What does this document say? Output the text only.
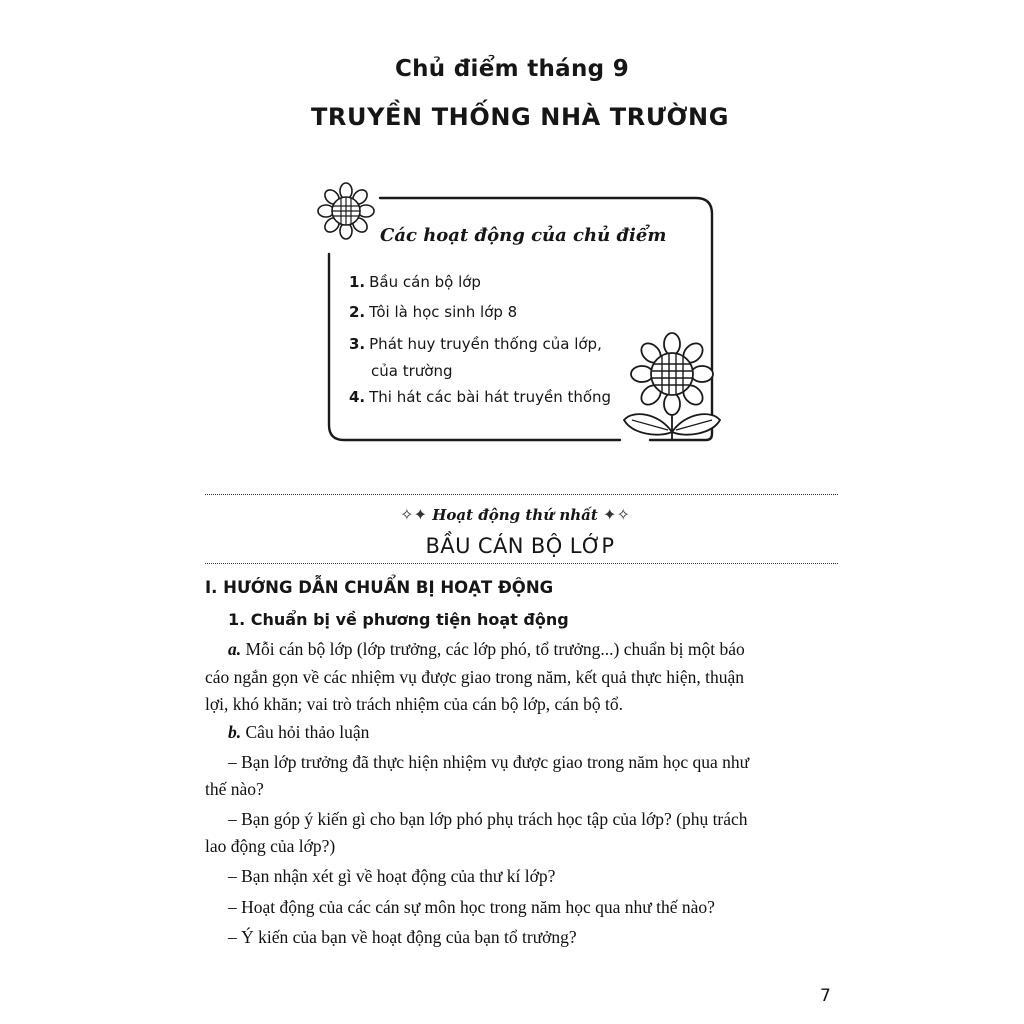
Chủ điểm tháng 9
TRUYỀN THỐNG NHÀ TRƯỜNG
Các hoạt động của chủ điểm
1. Bầu cán bộ lớp
2. Tôi là học sinh lớp 8
3. Phát huy truyền thống của lớp,
của trường
4. Thi hát các bài hát truyền thống
✧✦ Hoạt động thứ nhất ✦✧
BẦU CÁN BỘ LỚP
I. HƯỚNG DẪN CHUẨN BỊ HOẠT ĐỘNG
1. Chuẩn bị về phương tiện hoạt động
a. Mỗi cán bộ lớp (lớp trưởng, các lớp phó, tổ trưởng...) chuẩn bị một báo
cáo ngắn gọn về các nhiệm vụ được giao trong năm, kết quả thực hiện, thuận
lợi, khó khăn; vai trò trách nhiệm của cán bộ lớp, cán bộ tổ.
b. Câu hỏi thảo luận
– Bạn lớp trưởng đã thực hiện nhiệm vụ được giao trong năm học qua như
thế nào?
– Bạn góp ý kiến gì cho bạn lớp phó phụ trách học tập của lớp? (phụ trách
lao động của lớp?)
– Bạn nhận xét gì về hoạt động của thư kí lớp?
– Hoạt động của các cán sự môn học trong năm học qua như thế nào?
– Ý kiến của bạn về hoạt động của bạn tổ trưởng?
7
